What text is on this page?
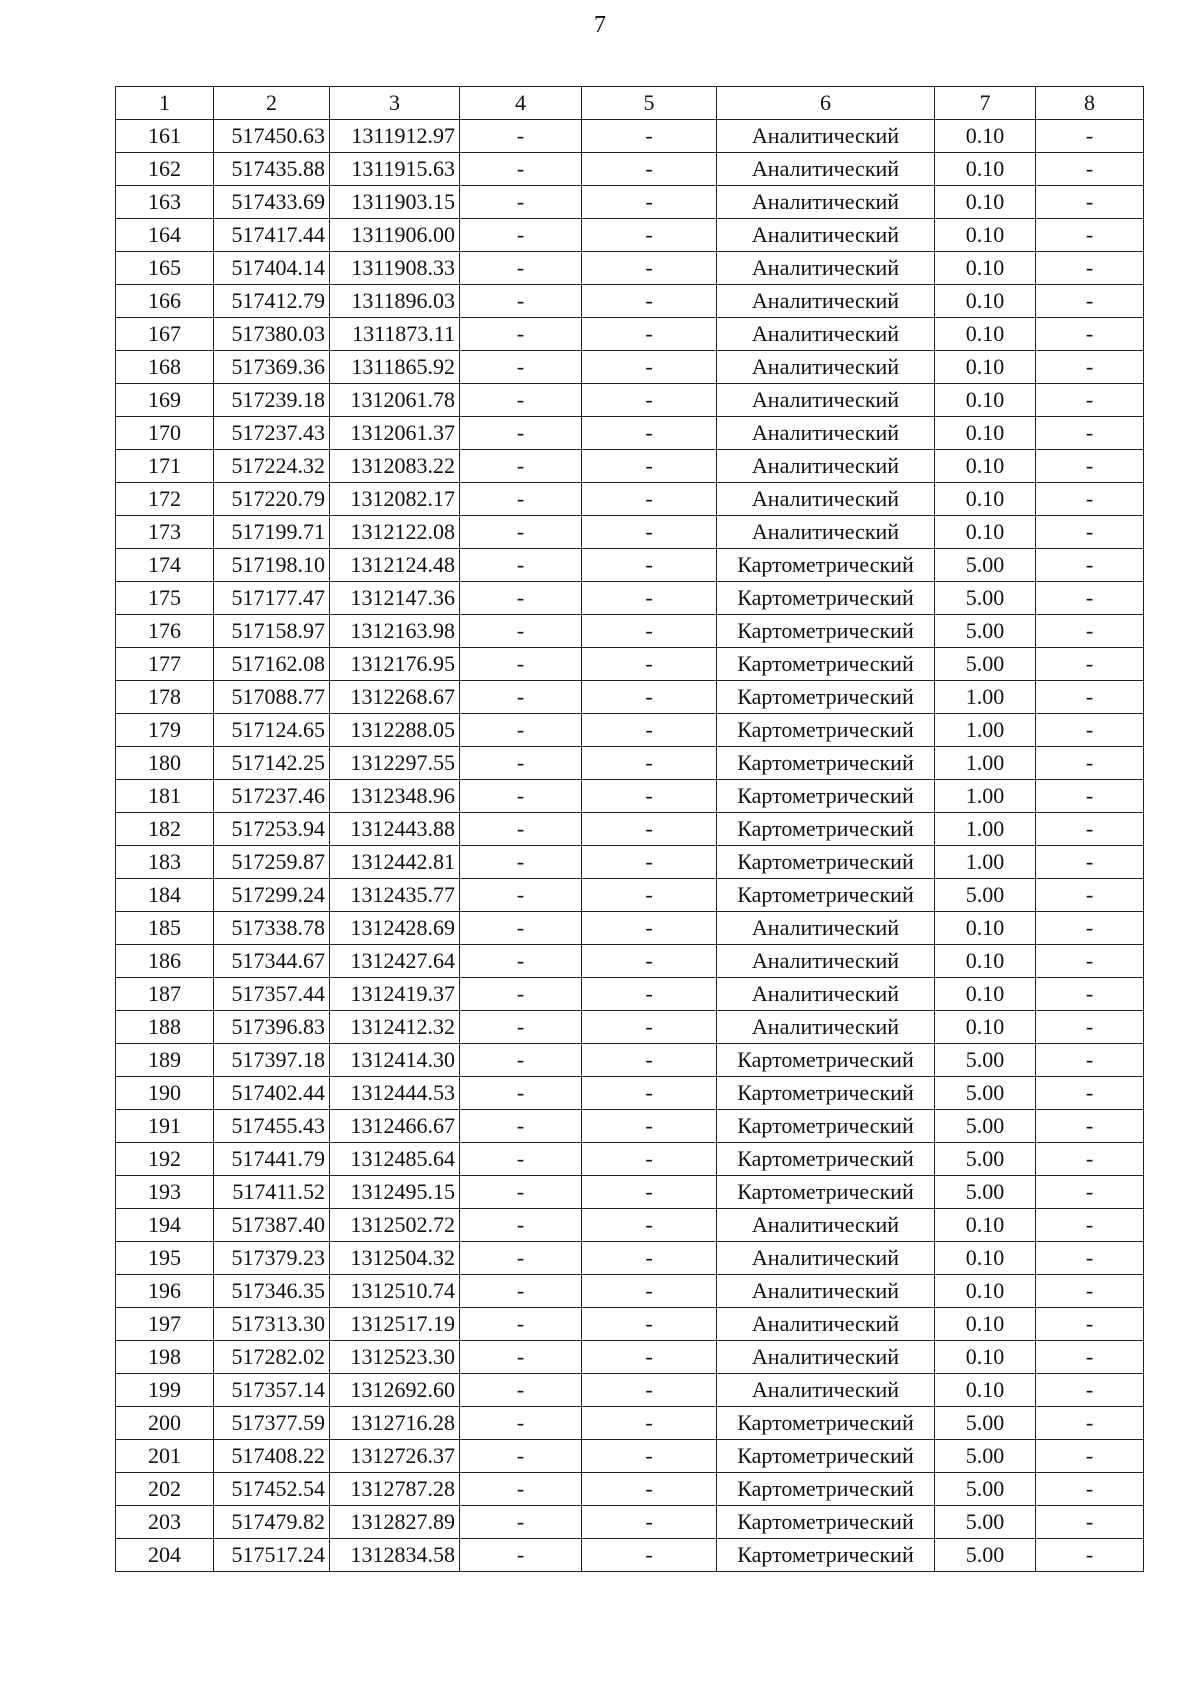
7
1	2	3	4	5	6	7	8
161	517450.63	1311912.97	-	-	Аналитический	0.10	-
162	517435.88	1311915.63	-	-	Аналитический	0.10	-
163	517433.69	1311903.15	-	-	Аналитический	0.10	-
164	517417.44	1311906.00	-	-	Аналитический	0.10	-
165	517404.14	1311908.33	-	-	Аналитический	0.10	-
166	517412.79	1311896.03	-	-	Аналитический	0.10	-
167	517380.03	1311873.11	-	-	Аналитический	0.10	-
168	517369.36	1311865.92	-	-	Аналитический	0.10	-
169	517239.18	1312061.78	-	-	Аналитический	0.10	-
170	517237.43	1312061.37	-	-	Аналитический	0.10	-
171	517224.32	1312083.22	-	-	Аналитический	0.10	-
172	517220.79	1312082.17	-	-	Аналитический	0.10	-
173	517199.71	1312122.08	-	-	Аналитический	0.10	-
174	517198.10	1312124.48	-	-	Картометрический	5.00	-
175	517177.47	1312147.36	-	-	Картометрический	5.00	-
176	517158.97	1312163.98	-	-	Картометрический	5.00	-
177	517162.08	1312176.95	-	-	Картометрический	5.00	-
178	517088.77	1312268.67	-	-	Картометрический	1.00	-
179	517124.65	1312288.05	-	-	Картометрический	1.00	-
180	517142.25	1312297.55	-	-	Картометрический	1.00	-
181	517237.46	1312348.96	-	-	Картометрический	1.00	-
182	517253.94	1312443.88	-	-	Картометрический	1.00	-
183	517259.87	1312442.81	-	-	Картометрический	1.00	-
184	517299.24	1312435.77	-	-	Картометрический	5.00	-
185	517338.78	1312428.69	-	-	Аналитический	0.10	-
186	517344.67	1312427.64	-	-	Аналитический	0.10	-
187	517357.44	1312419.37	-	-	Аналитический	0.10	-
188	517396.83	1312412.32	-	-	Аналитический	0.10	-
189	517397.18	1312414.30	-	-	Картометрический	5.00	-
190	517402.44	1312444.53	-	-	Картометрический	5.00	-
191	517455.43	1312466.67	-	-	Картометрический	5.00	-
192	517441.79	1312485.64	-	-	Картометрический	5.00	-
193	517411.52	1312495.15	-	-	Картометрический	5.00	-
194	517387.40	1312502.72	-	-	Аналитический	0.10	-
195	517379.23	1312504.32	-	-	Аналитический	0.10	-
196	517346.35	1312510.74	-	-	Аналитический	0.10	-
197	517313.30	1312517.19	-	-	Аналитический	0.10	-
198	517282.02	1312523.30	-	-	Аналитический	0.10	-
199	517357.14	1312692.60	-	-	Аналитический	0.10	-
200	517377.59	1312716.28	-	-	Картометрический	5.00	-
201	517408.22	1312726.37	-	-	Картометрический	5.00	-
202	517452.54	1312787.28	-	-	Картометрический	5.00	-
203	517479.82	1312827.89	-	-	Картометрический	5.00	-
204	517517.24	1312834.58	-	-	Картометрический	5.00	-
